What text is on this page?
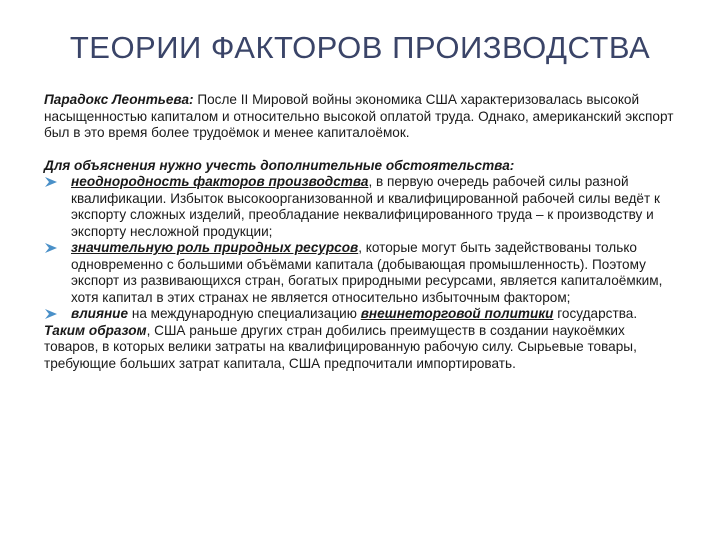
ТЕОРИИ ФАКТОРОВ ПРОИЗВОДСТВА

Парадокс Леонтьева: После II Мировой войны экономика США характеризовалась высокой насыщенностью капиталом и относительно высокой оплатой труда. Однако, американский экспорт был в это время более трудоёмок и менее капиталоёмок.

Для объяснения нужно учесть дополнительные обстоятельства:

неоднородность факторов производства, в первую очередь рабочей силы разной квалификации. Избыток высокоорганизованной и квалифицированной рабочей силы ведёт к экспорту сложных изделий, преобладание неквалифицированного труда – к производству и экспорту несложной продукции;

значительную роль природных ресурсов, которые могут быть задействованы только одновременно с большими объёмами капитала (добывающая промышленность). Поэтому экспорт из развивающихся стран, богатых природными ресурсами, является капиталоёмким, хотя капитал в этих странах не является относительно избыточным фактором;

влияние на международную специализацию внешнеторговой политики государства.

Таким образом, США раньше других стран добились преимуществ в создании наукоёмких товаров, в которых велики затраты на квалифицированную рабочую силу. Сырьевые товары, требующие больших затрат капитала, США предпочитали импортировать.
